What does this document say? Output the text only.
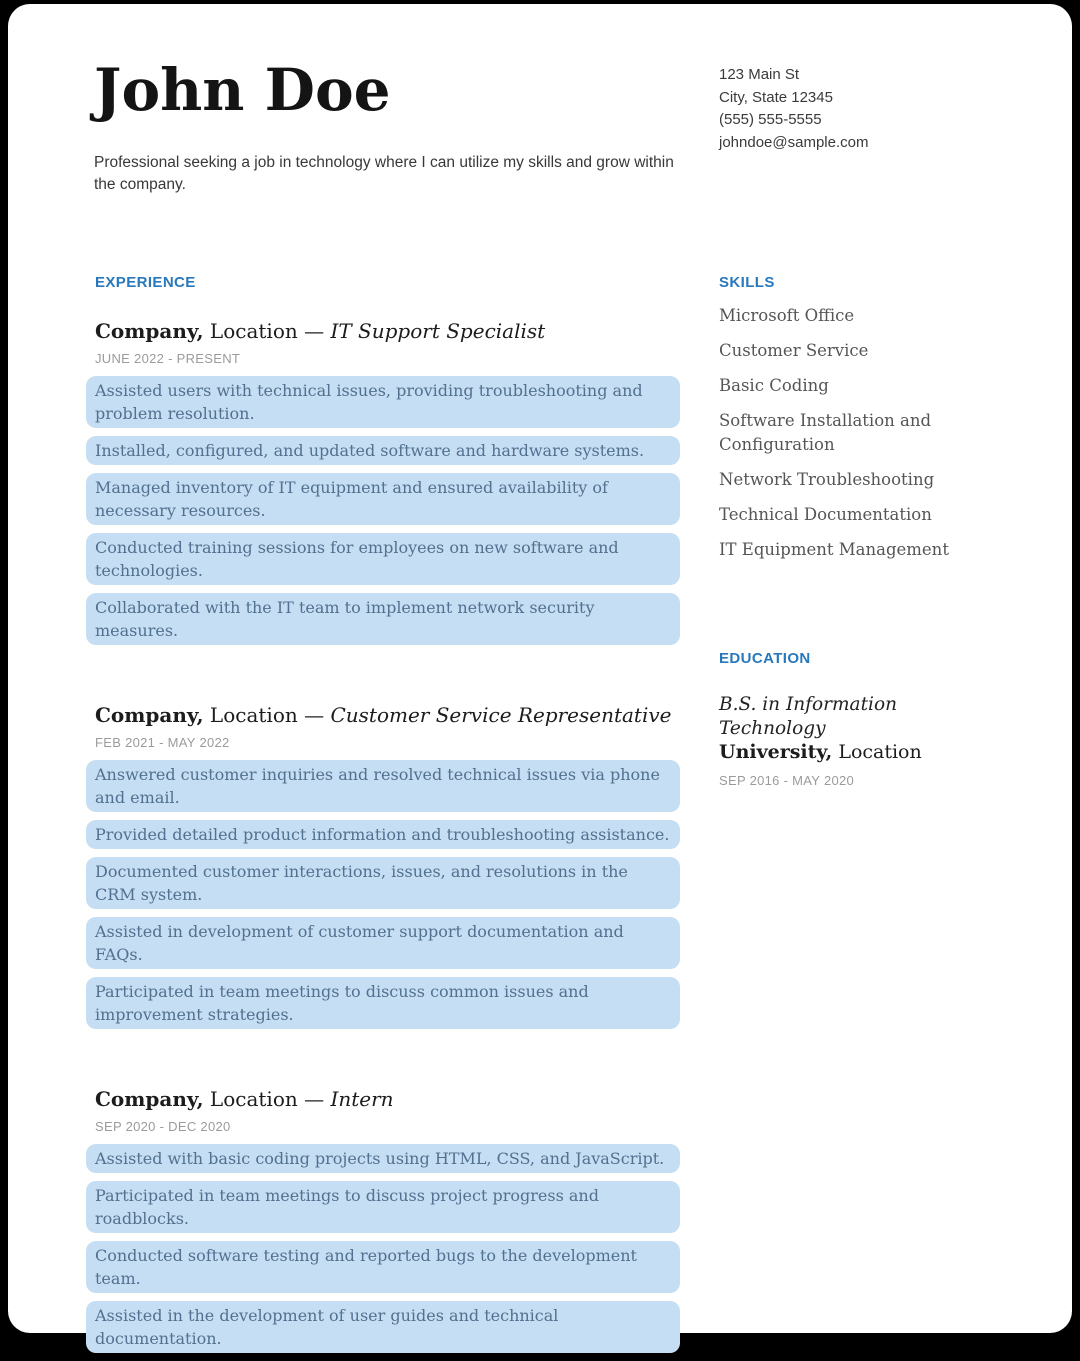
John Doe

Professional seeking a job in technology where I can utilize my skills and grow within the company.

123 Main St
City, State 12345
(555) 555-5555
johndoe@sample.com
EXPERIENCE
Company, Location — IT Support Specialist
JUNE 2022 - PRESENT
Assisted users with technical issues, providing troubleshooting and problem resolution.
Installed, configured, and updated software and hardware systems.
Managed inventory of IT equipment and ensured availability of necessary resources.
Conducted training sessions for employees on new software and technologies.
Collaborated with the IT team to implement network security measures.
Company, Location — Customer Service Representative
FEB 2021 - MAY 2022
Answered customer inquiries and resolved technical issues via phone and email.
Provided detailed product information and troubleshooting assistance.
Documented customer interactions, issues, and resolutions in the CRM system.
Assisted in development of customer support documentation and FAQs.
Participated in team meetings to discuss common issues and improvement strategies.
Company, Location — Intern
SEP 2020 - DEC 2020
Assisted with basic coding projects using HTML, CSS, and JavaScript.
Participated in team meetings to discuss project progress and roadblocks.
Conducted software testing and reported bugs to the development team.
Assisted in the development of user guides and technical documentation.
SKILLS
Microsoft Office
Customer Service
Basic Coding
Software Installation and Configuration
Network Troubleshooting
Technical Documentation
IT Equipment Management
EDUCATION
B.S. in Information Technology
University, Location
SEP 2016 - MAY 2020
